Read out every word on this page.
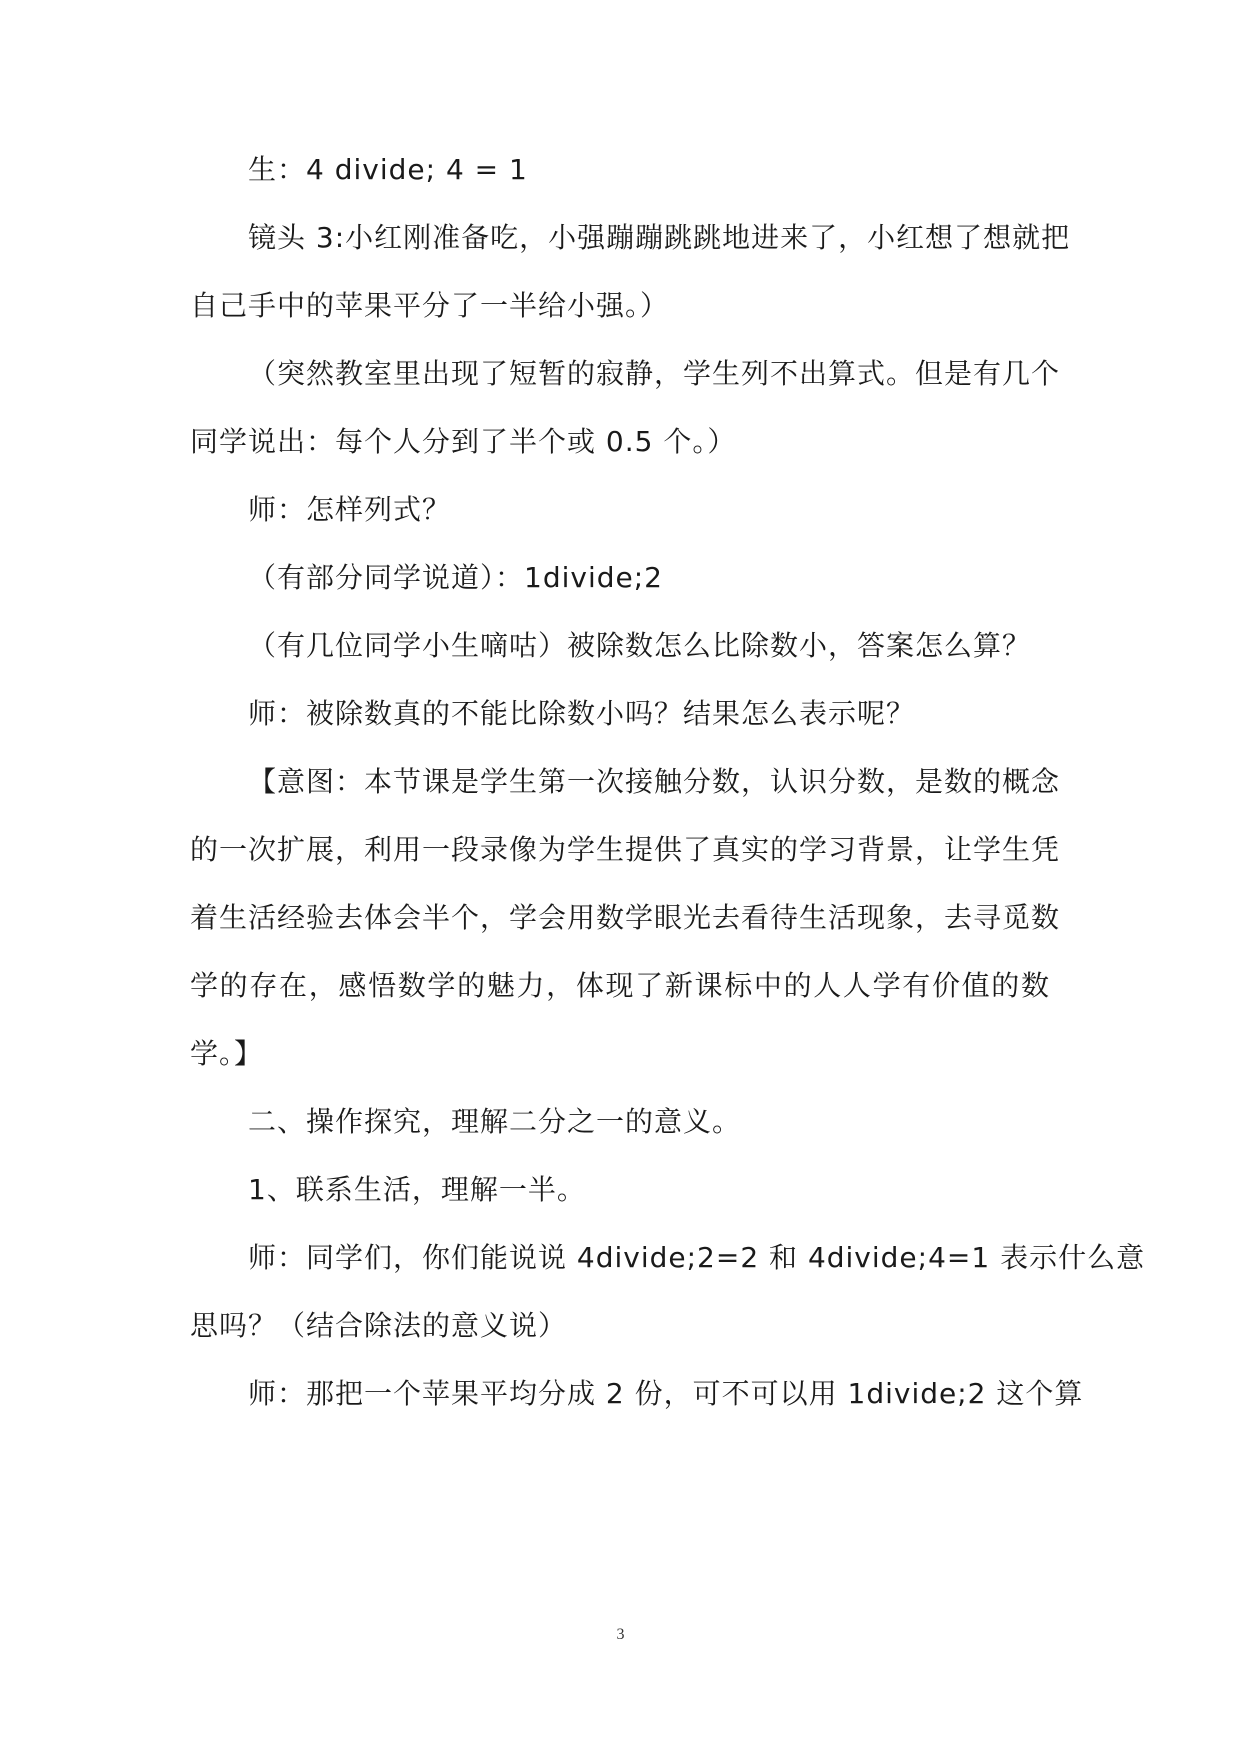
生：4 divide; 4 = 1
镜头 3:小红刚准备吃，小强蹦蹦跳跳地进来了，小红想了想就把
自己手中的苹果平分了一半给小强。）
（突然教室里出现了短暂的寂静，学生列不出算式。但是有几个
同学说出：每个人分到了半个或 0.5 个。）
师：怎样列式？
（有部分同学说道）：1divide;2
（有几位同学小生嘀咕）被除数怎么比除数小，答案怎么算？
师：被除数真的不能比除数小吗？结果怎么表示呢？
【意图：本节课是学生第一次接触分数，认识分数，是数的概念
的一次扩展，利用一段录像为学生提供了真实的学习背景，让学生凭
着生活经验去体会半个，学会用数学眼光去看待生活现象，去寻觅数
学的存在，感悟数学的魅力，体现了新课标中的人人学有价值的数
学。】
二、操作探究，理解二分之一的意义。
1、联系生活，理解一半。
师：同学们，你们能说说 4divide;2=2 和 4divide;4=1 表示什么意
思吗？（结合除法的意义说）
师：那把一个苹果平均分成 2 份，可不可以用 1divide;2 这个算
3
